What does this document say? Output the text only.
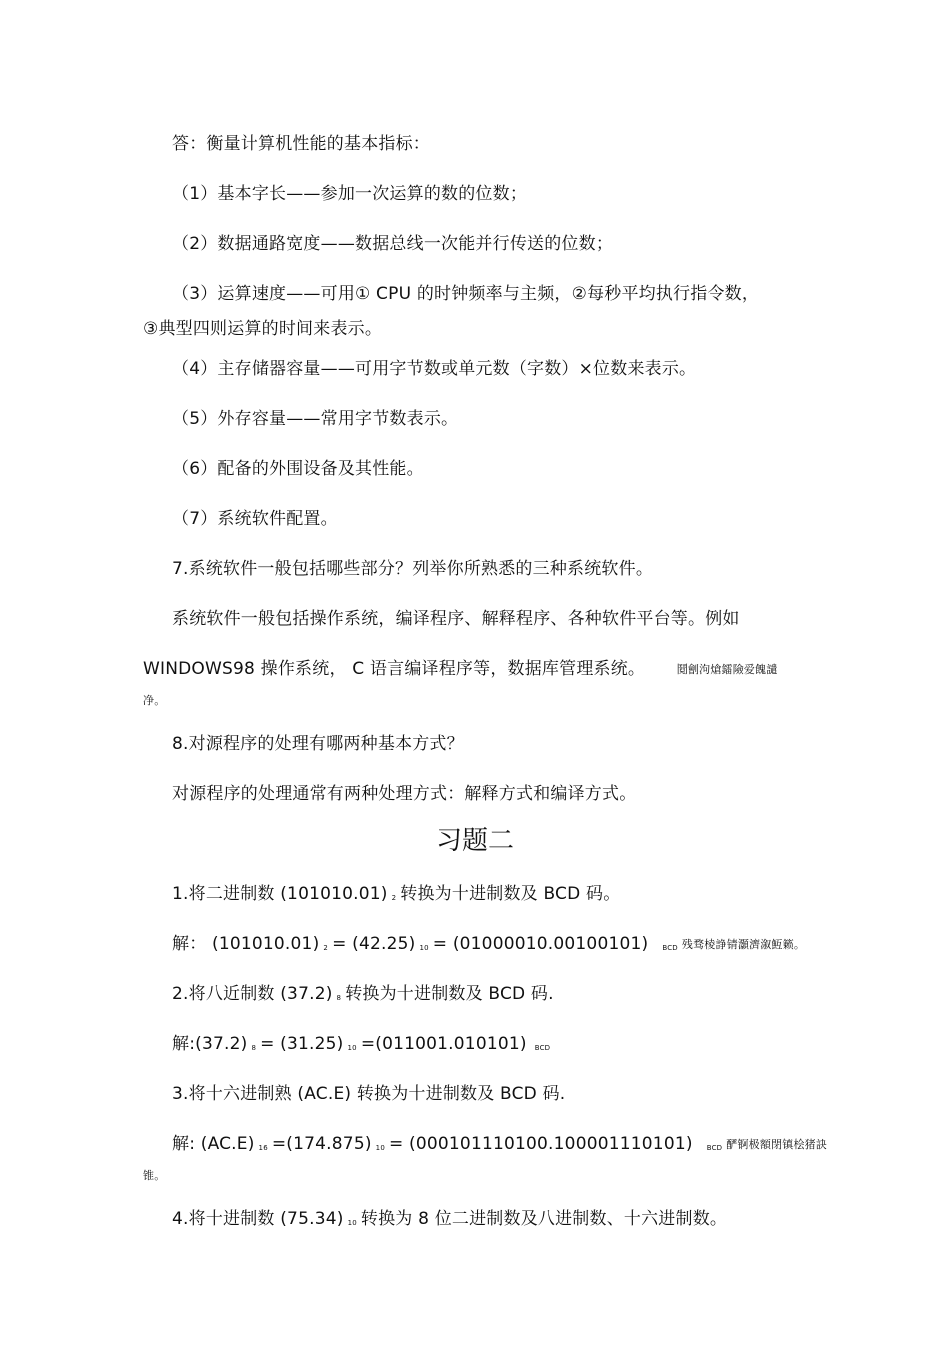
答：衡量计算机性能的基本指标：
（1）基本字长——参加一次运算的数的位数；
（2）数据通路宽度——数据总线一次能并行传送的位数；
（3）运算速度——可用① CPU 的时钟频率与主频，②每秒平均执行指令数，
③典型四则运算的时间来表示。
（4）主存储器容量——可用字节数或单元数（字数）×位数来表示。
（5）外存容量——常用字节数表示。
（6）配备的外围设备及其性能。
（7）系统软件配置。
7.系统软件一般包括哪些部分？列举你所熟悉的三种系统软件。
系统软件一般包括操作系统，编译程序、解释程序、各种软件平台等。例如
WINDOWS98 操作系统， C 语言编译程序等，数据库管理系统。	鬩劊泃熗鐳險爱餽譴
净。
8.对源程序的处理有哪两种基本方式？
对源程序的处理通常有两种处理方式：解释方式和编译方式。
习题二
1.将二进制数 (101010.01) 2 转换为十进制数及 BCD 码。
解： (101010.01) 2 = (42.25) 10 = (01000010.00100101) BCD 残骛棱諍锖灝濟溆魱籁。
2.将八近制数 (37.2) 8 转换为十进制数及 BCD 码.
解:(37.2) 8 = (31.25) 10 =(011001.010101) BCD
3.将十六进制熟 (AC.E) 转换为十进制数及 BCD 码.
解: (AC.E) 16 =(174.875) 10 = (000101110100.100001110101) BCD 酽锕极額閉镇桧猪訣
锥。
4.将十进制数 (75.34) 10 转换为 8 位二进制数及八进制数、十六进制数。
